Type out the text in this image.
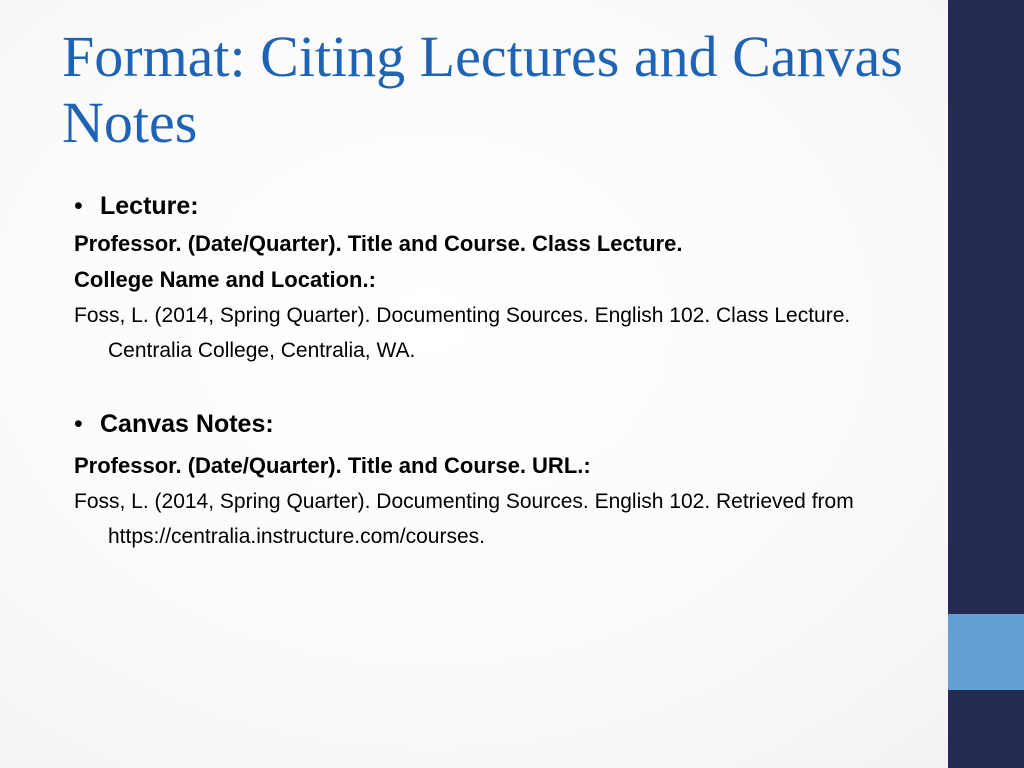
Format: Citing Lectures and Canvas Notes
• Lecture:

Professor. (Date/Quarter). Title and Course. Class Lecture.

College Name and Location.:

Foss, L. (2014, Spring Quarter). Documenting Sources. English 102. Class Lecture. Centralia College, Centralia, WA.

• Canvas Notes:

Professor. (Date/Quarter). Title and Course. URL.:

Foss, L. (2014, Spring Quarter). Documenting Sources. English 102. Retrieved from https://centralia.instructure.com/courses.
